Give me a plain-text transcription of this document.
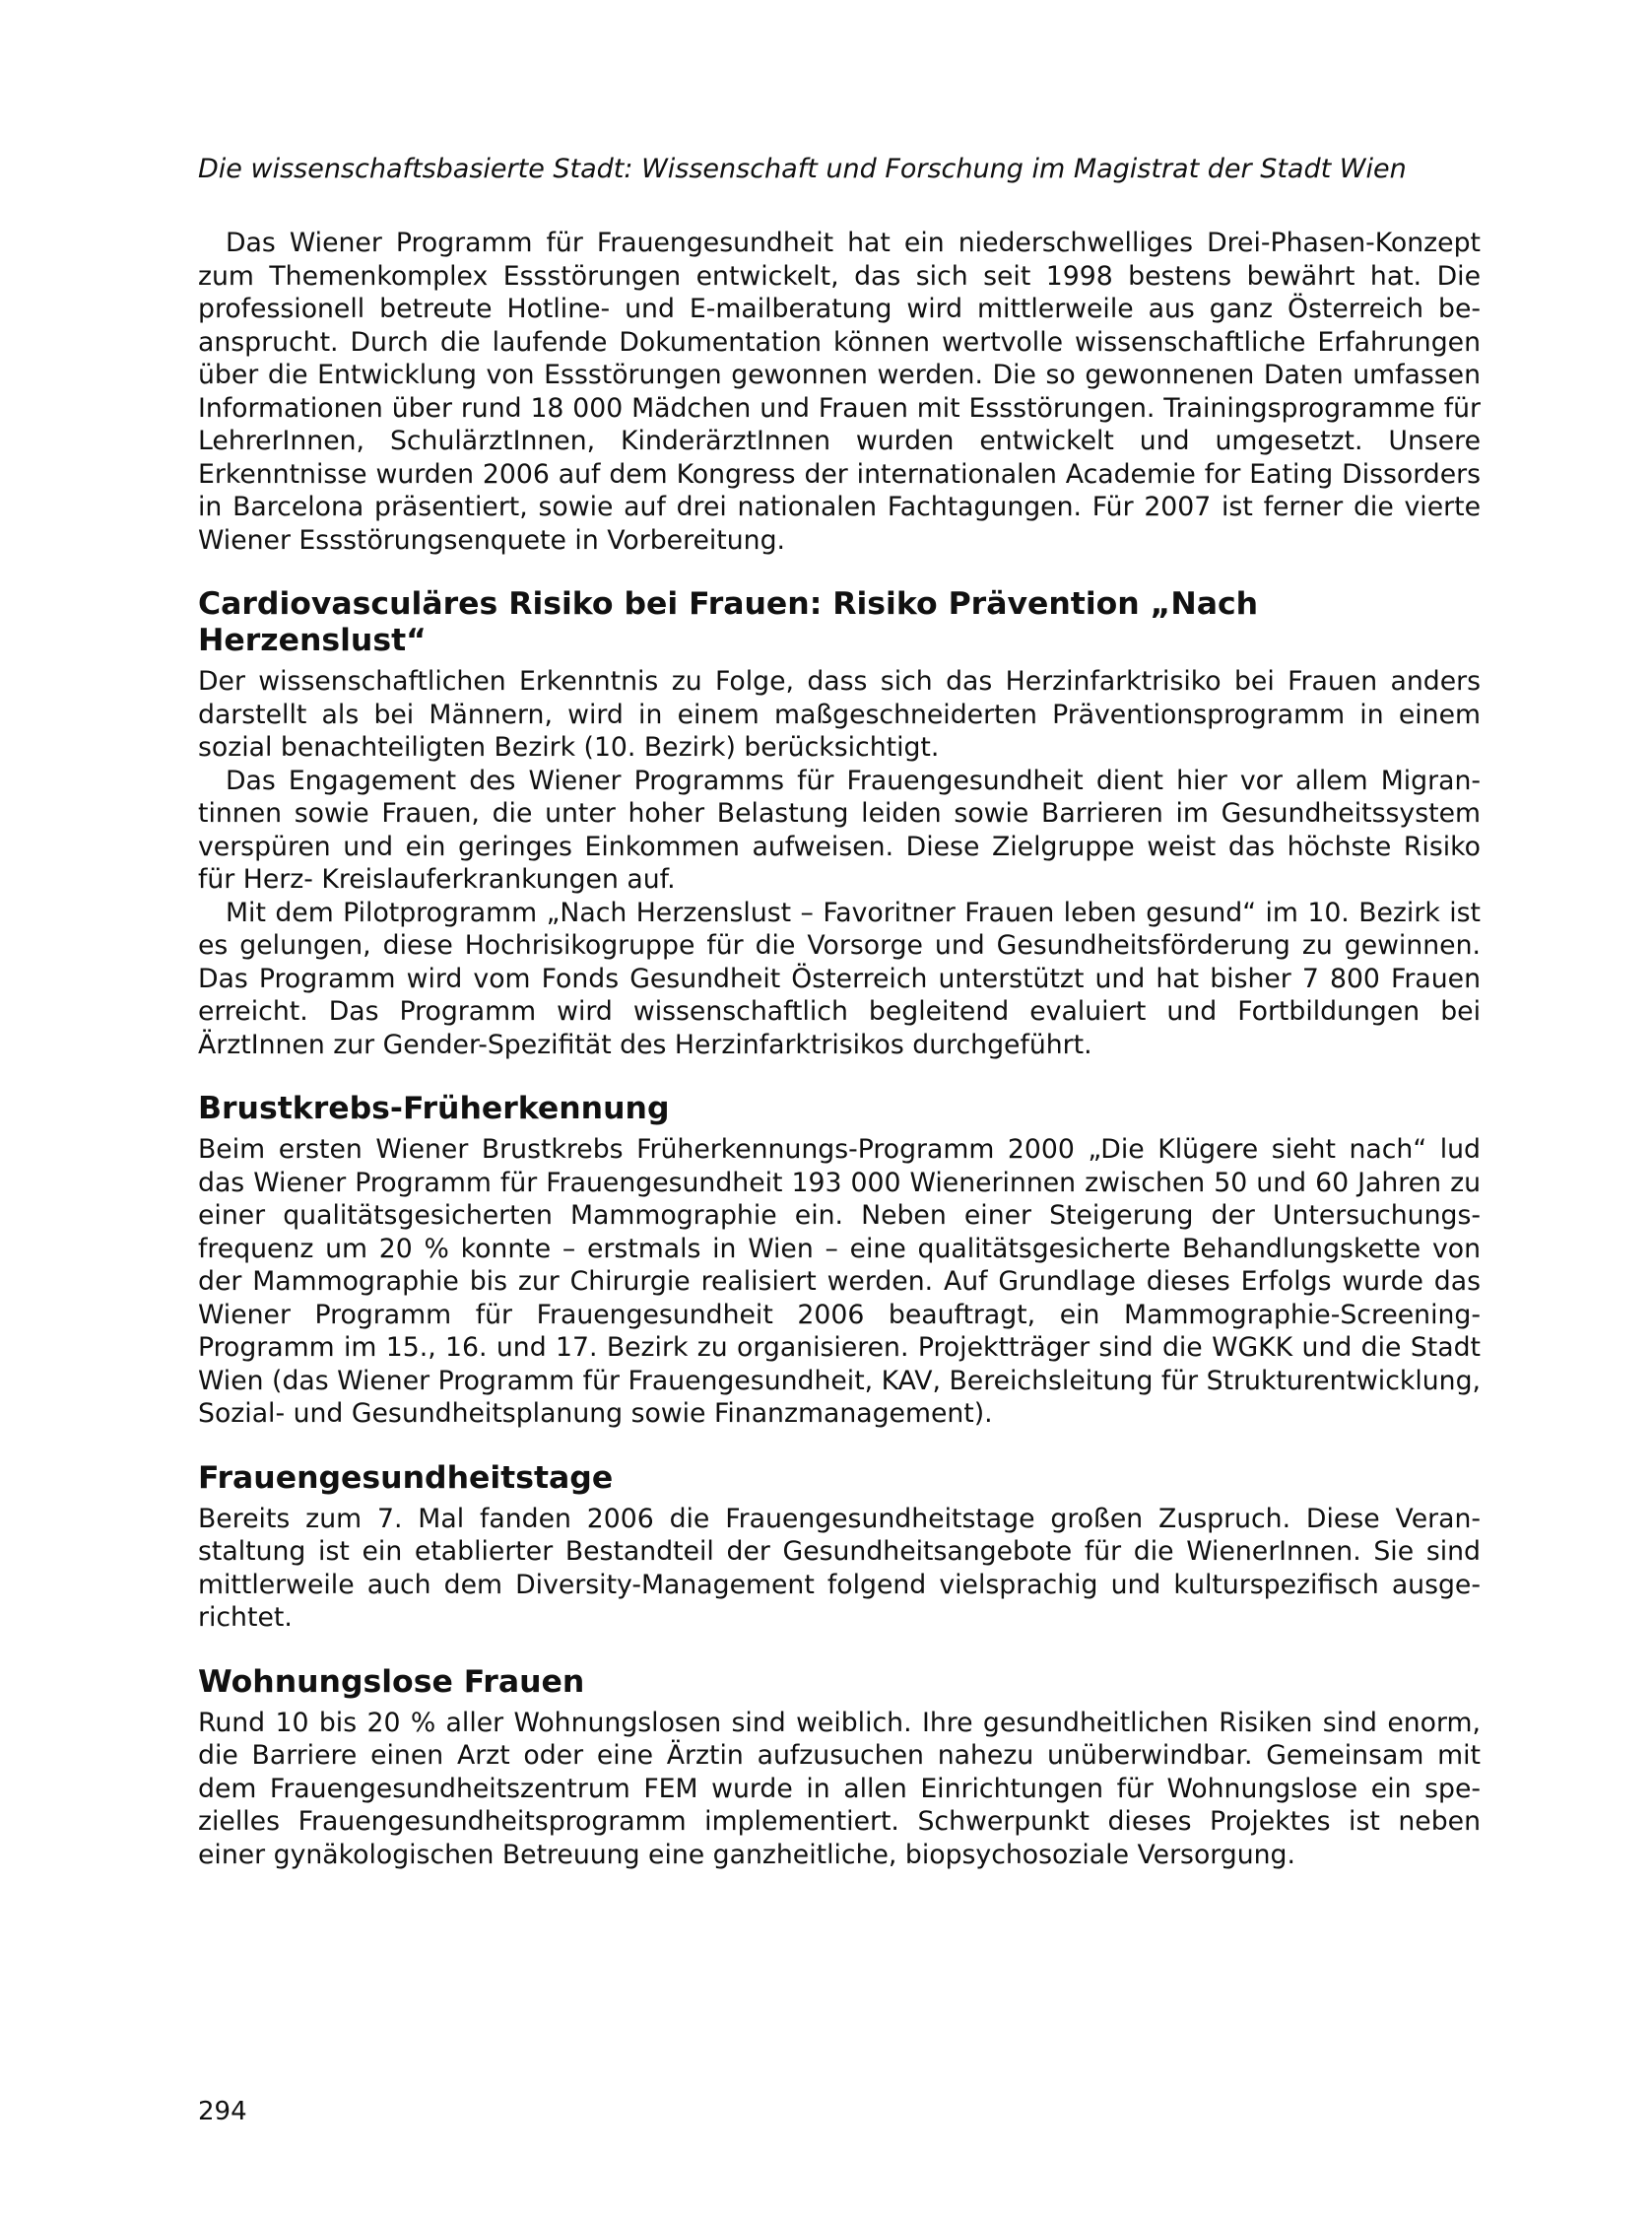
Die wissenschaftsbasierte Stadt: Wissenschaft und Forschung im Magistrat der Stadt Wien

Das Wiener Programm für Frauengesundheit hat ein niederschwelliges Drei-Phasen-Konzept zum Themenkomplex Essstörungen entwickelt, das sich seit 1998 bestens bewährt hat. Die professionell betreute Hotline- und E-mailberatung wird mittlerweile aus ganz Österreich beansprucht. Durch die laufende Dokumentation können wertvolle wissenschaftliche Erfahrungen über die Entwicklung von Essstörungen gewonnen werden. Die so gewonnenen Daten umfassen Informationen über rund 18 000 Mädchen und Frauen mit Essstörungen. Trainingsprogramme für LehrerInnen, SchulärztInnen, KinderärztInnen wurden entwickelt und umgesetzt. Unsere Erkenntnisse wurden 2006 auf dem Kongress der internationalen Academie for Eating Dissorders in Barcelona präsentiert, sowie auf drei nationalen Fachtagungen. Für 2007 ist ferner die vierte Wiener Essstörungsenquete in Vorbereitung.

Cardiovasculäres Risiko bei Frauen: Risiko Prävention „Nach Herzenslust“

Der wissenschaftlichen Erkenntnis zu Folge, dass sich das Herzinfarktrisiko bei Frauen anders darstellt als bei Männern, wird in einem maßgeschneiderten Präventionsprogramm in einem sozial benachteiligten Bezirk (10. Bezirk) berücksichtigt.

Das Engagement des Wiener Programms für Frauengesundheit dient hier vor allem Migrantinnen sowie Frauen, die unter hoher Belastung leiden sowie Barrieren im Gesundheitssystem verspüren und ein geringes Einkommen aufweisen. Diese Zielgruppe weist das höchste Risiko für Herz- Kreislauferkrankungen auf.

Mit dem Pilotprogramm „Nach Herzenslust – Favoritner Frauen leben gesund“ im 10. Bezirk ist es gelungen, diese Hochrisikogruppe für die Vorsorge und Gesundheitsförderung zu gewinnen. Das Programm wird vom Fonds Gesundheit Österreich unterstützt und hat bisher 7 800 Frauen erreicht. Das Programm wird wissenschaftlich begleitend evaluiert und Fortbildungen bei ÄrztInnen zur Gender-Spezifität des Herzinfarktrisikos durchgeführt.

Brustkrebs-Früherkennung

Beim ersten Wiener Brustkrebs Früherkennungs-Programm 2000 „Die Klügere sieht nach“ lud das Wiener Programm für Frauengesundheit 193 000 Wienerinnen zwischen 50 und 60 Jahren zu einer qualitätsgesicherten Mammographie ein. Neben einer Steigerung der Untersuchungsfrequenz um 20 % konnte – erstmals in Wien – eine qualitätsgesicherte Behandlungskette von der Mammographie bis zur Chirurgie realisiert werden. Auf Grundlage dieses Erfolgs wurde das Wiener Programm für Frauengesundheit 2006 beauftragt, ein Mammographie-Screening-Programm im 15., 16. und 17. Bezirk zu organisieren. Projektträger sind die WGKK und die Stadt Wien (das Wiener Programm für Frauengesundheit, KAV, Bereichsleitung für Strukturentwicklung, Sozial- und Gesundheitsplanung sowie Finanzmanagement).

Frauengesundheitstage

Bereits zum 7. Mal fanden 2006 die Frauengesundheitstage großen Zuspruch. Diese Veranstaltung ist ein etablierter Bestandteil der Gesundheitsangebote für die WienerInnen. Sie sind mittlerweile auch dem Diversity-Management folgend vielsprachig und kulturspezifisch ausgerichtet.

Wohnungslose Frauen

Rund 10 bis 20 % aller Wohnungslosen sind weiblich. Ihre gesundheitlichen Risiken sind enorm, die Barriere einen Arzt oder eine Ärztin aufzusuchen nahezu unüberwindbar. Gemeinsam mit dem Frauengesundheitszentrum FEM wurde in allen Einrichtungen für Wohnungslose ein spezielles Frauengesundheitsprogramm implementiert. Schwerpunkt dieses Projektes ist neben einer gynäkologischen Betreuung eine ganzheitliche, biopsychosoziale Versorgung.

294
